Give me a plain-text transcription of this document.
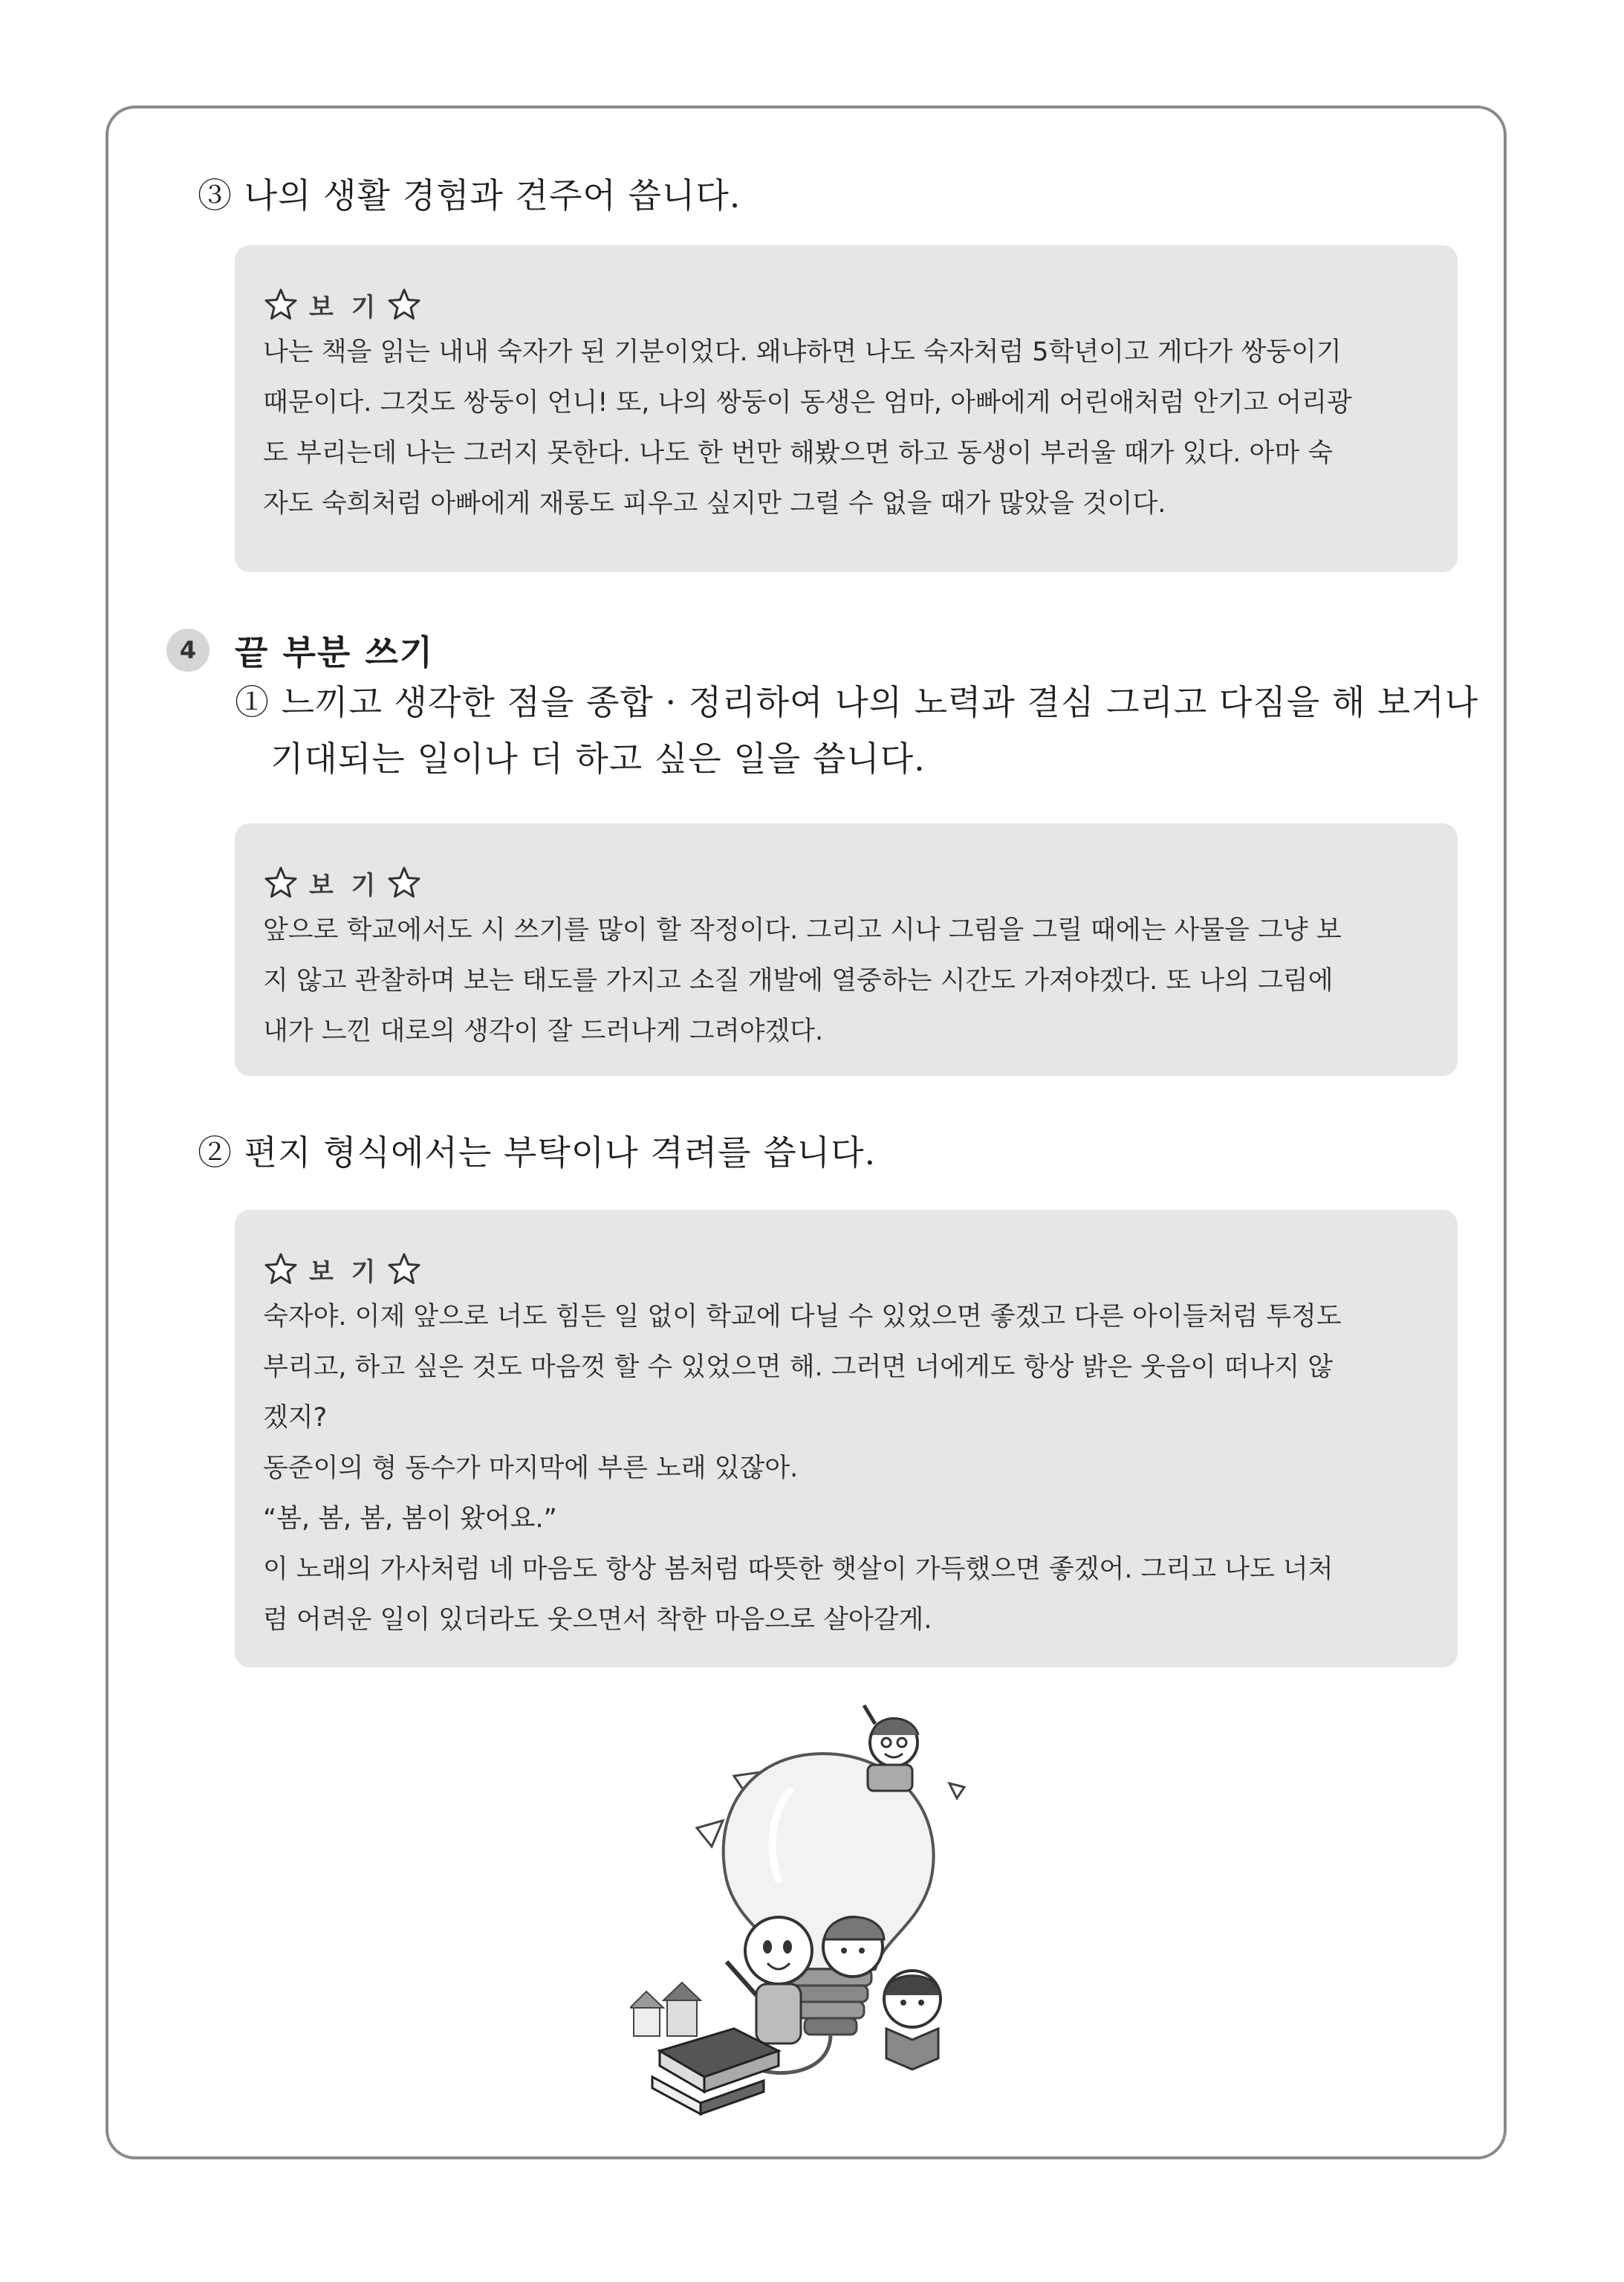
③ 나의 생활 경험과 견주어 씁니다.
보 기
나는 책을 읽는 내내 숙자가 된 기분이었다. 왜냐하면 나도 숙자처럼 5학년이고 게다가 쌍둥이기
때문이다. 그것도 쌍둥이 언니! 또, 나의 쌍둥이 동생은 엄마, 아빠에게 어린애처럼 안기고 어리광
도 부리는데 나는 그러지 못한다. 나도 한 번만 해봤으면 하고 동생이 부러울 때가 있다. 아마 숙
자도 숙희처럼 아빠에게 재롱도 피우고 싶지만 그럴 수 없을 때가 많았을 것이다.
4	끝 부분 쓰기
① 느끼고 생각한 점을 종합 · 정리하여 나의 노력과 결심 그리고 다짐을 해 보거나
기대되는 일이나 더 하고 싶은 일을 씁니다.
보 기
앞으로 학교에서도 시 쓰기를 많이 할 작정이다. 그리고 시나 그림을 그릴 때에는 사물을 그냥 보
지 않고 관찰하며 보는 태도를 가지고 소질 개발에 열중하는 시간도 가져야겠다. 또 나의 그림에
내가 느낀 대로의 생각이 잘 드러나게 그려야겠다.
② 편지 형식에서는 부탁이나 격려를 씁니다.
보 기
숙자야. 이제 앞으로 너도 힘든 일 없이 학교에 다닐 수 있었으면 좋겠고 다른 아이들처럼 투정도
부리고, 하고 싶은 것도 마음껏 할 수 있었으면 해. 그러면 너에게도 항상 밝은 웃음이 떠나지 않
겠지?
동준이의 형 동수가 마지막에 부른 노래 있잖아.
“봄, 봄, 봄, 봄이 왔어요.”
이 노래의 가사처럼 네 마음도 항상 봄처럼 따뜻한 햇살이 가득했으면 좋겠어. 그리고 나도 너처
럼 어려운 일이 있더라도 웃으면서 착한 마음으로 살아갈게.
